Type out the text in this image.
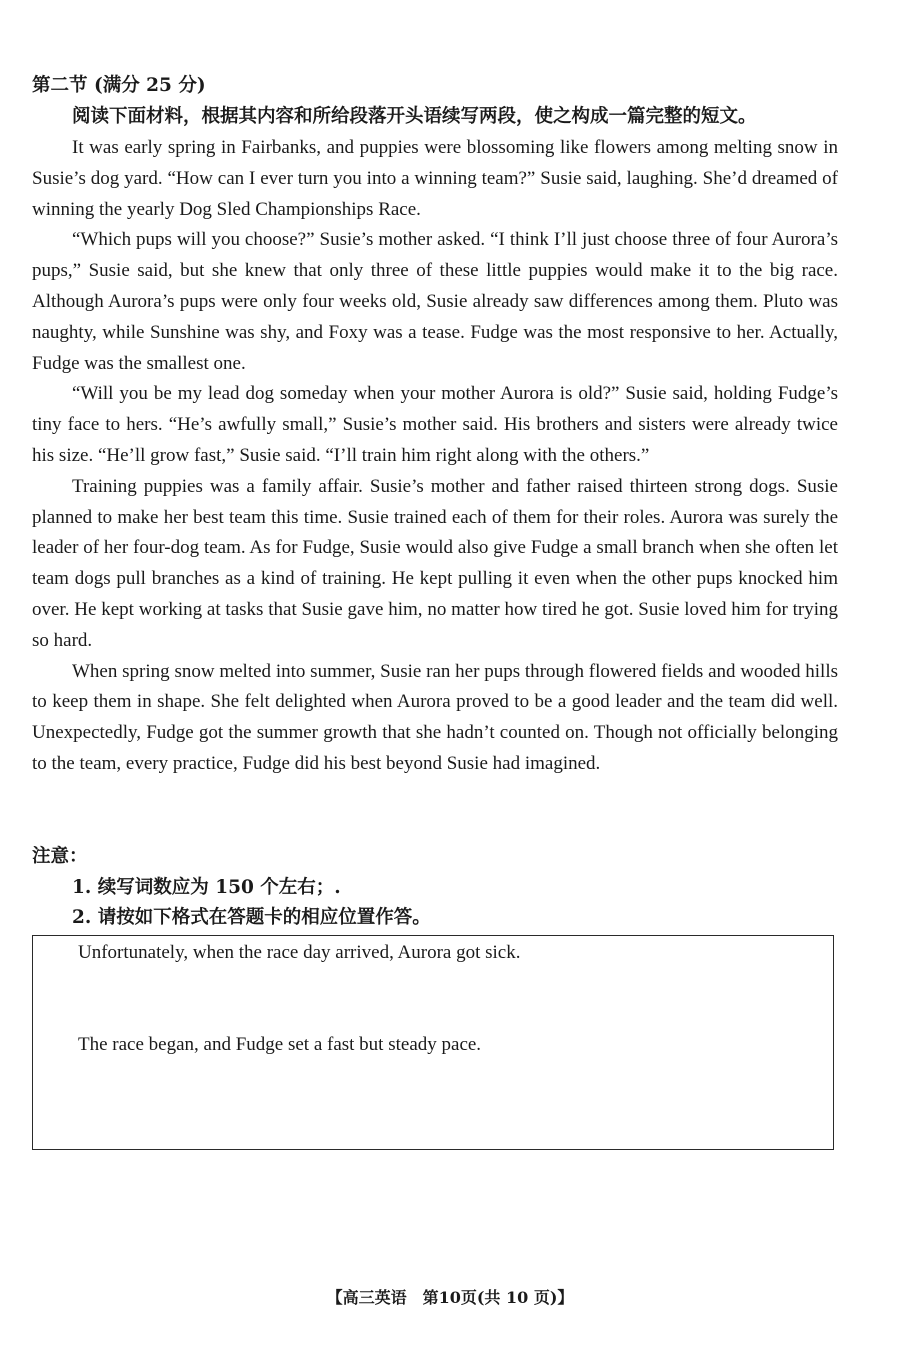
第二节 (满分 25 分)
阅读下面材料，根据其内容和所给段落开头语续写两段，使之构成一篇完整的短文。

It was early spring in Fairbanks, and puppies were blossoming like flowers among melting snow in Susie’s dog yard. “How can I ever turn you into a winning team?” Susie said, laughing. She’d dreamed of winning the yearly Dog Sled Championships Race.

“Which pups will you choose?” Susie’s mother asked. “I think I’ll just choose three of four Aurora’s pups,” Susie said, but she knew that only three of these little puppies would make it to the big race. Although Aurora’s pups were only four weeks old, Susie already saw differences among them. Pluto was naughty, while Sunshine was shy, and Foxy was a tease. Fudge was the most responsive to her. Actually, Fudge was the smallest one.

“Will you be my lead dog someday when your mother Aurora is old?” Susie said, holding Fudge’s tiny face to hers. “He’s awfully small,” Susie’s mother said. His brothers and sisters were already twice his size. “He’ll grow fast,” Susie said. “I’ll train him right along with the others.”

Training puppies was a family affair. Susie’s mother and father raised thirteen strong dogs. Susie planned to make her best team this time. Susie trained each of them for their roles. Aurora was surely the leader of her four-dog team. As for Fudge, Susie would also give Fudge a small branch when she often let team dogs pull branches as a kind of training. He kept pulling it even when the other pups knocked him over. He kept working at tasks that Susie gave him, no matter how tired he got. Susie loved him for trying so hard.

When spring snow melted into summer, Susie ran her pups through flowered fields and wooded hills to keep them in shape. She felt delighted when Aurora proved to be a good leader and the team did well. Unexpectedly, Fudge got the summer growth that she hadn’t counted on. Though not officially belonging to the team, every practice, Fudge did his best beyond Susie had imagined.

注意：
1. 续写词数应为 150 个左右；.
2. 请按如下格式在答题卡的相应位置作答。
Unfortunately, when the race day arrived, Aurora got sick.
The race began, and Fudge set a fast but steady pace.
【高三英语　第10页(共 10 页)】
